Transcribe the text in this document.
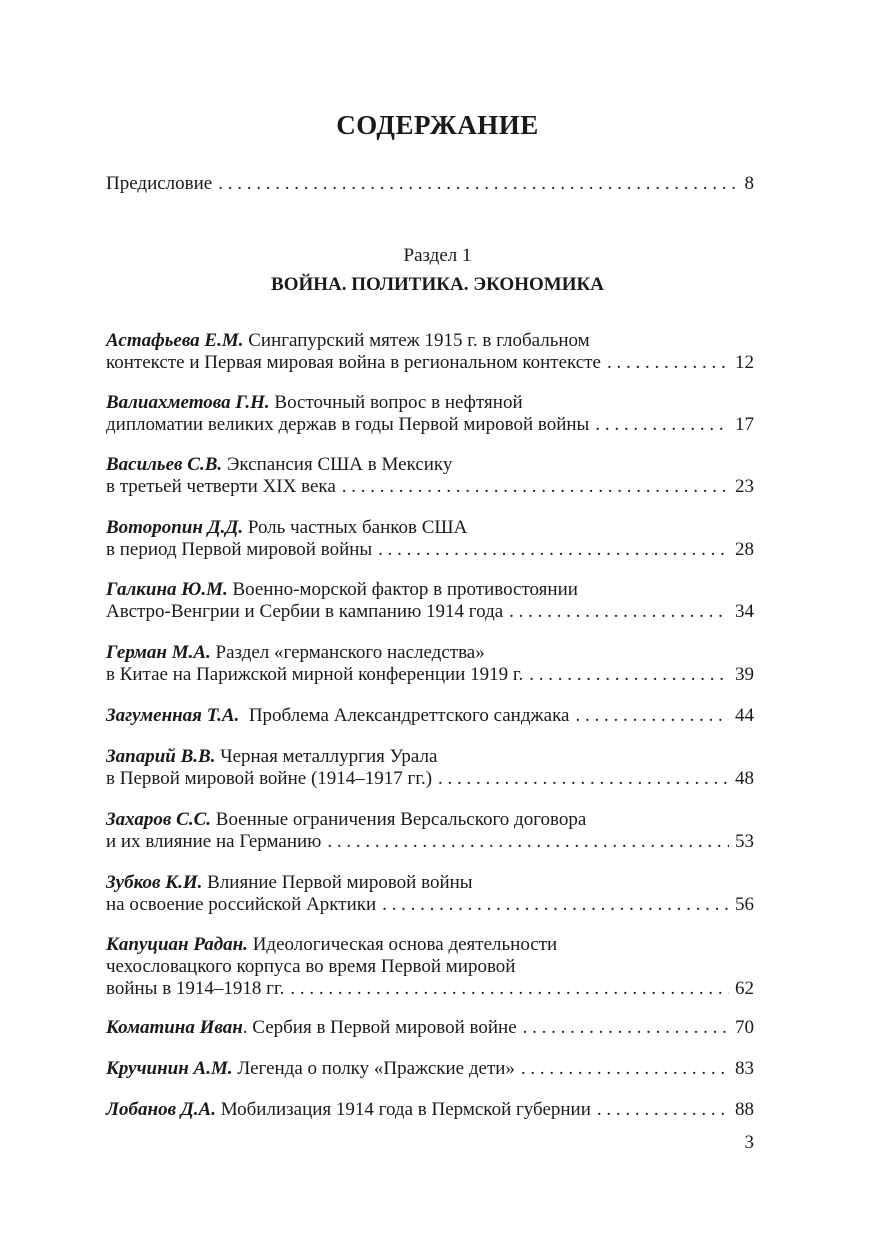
СОДЕРЖАНИЕ
Предисловие . . .	8
Раздел 1
ВОЙНА. ПОЛИТИКА. ЭКОНОМИКА
Астафьева Е.М. Сингапурский мятеж 1915 г. в глобальном
контексте и Первая мировая война в региональном контексте . . .	12
Валиахметова Г.Н. Восточный вопрос в нефтяной
дипломатии великих держав в годы Первой мировой войны . . .	17
Васильев С.В. Экспансия США в Мексику
в третьей четверти XIX века . . .	23
Воторопин Д.Д. Роль частных банков США
в период Первой мировой войны . . .	28
Галкина Ю.М. Военно-морской фактор в противостоянии
Австро-Венгрии и Сербии в кампанию 1914 года . . .	34
Герман М.А. Раздел «германского наследства»
в Китае на Парижской мирной конференции 1919 г. . . .	39
Загуменная Т.А. Проблема Александреттского санджака . . .	44
Запарий В.В. Черная металлургия Урала
в Первой мировой войне (1914–1917 гг.) . . .	48
Захаров С.С. Военные ограничения Версальского договора
и их влияние на Германию . . .	53
Зубков К.И. Влияние Первой мировой войны
на освоение российской Арктики . . .	56
Капуциан Радан. Идеологическая основа деятельности
чехословацкого корпуса во время Первой мировой
войны в 1914–1918 гг. . . .	62
Коматина Иван. Сербия в Первой мировой войне . . .	70
Кручинин А.М. Легенда о полку «Пражские дети» . . .	83
Лобанов Д.А. Мобилизация 1914 года в Пермской губернии . . .	88
3
